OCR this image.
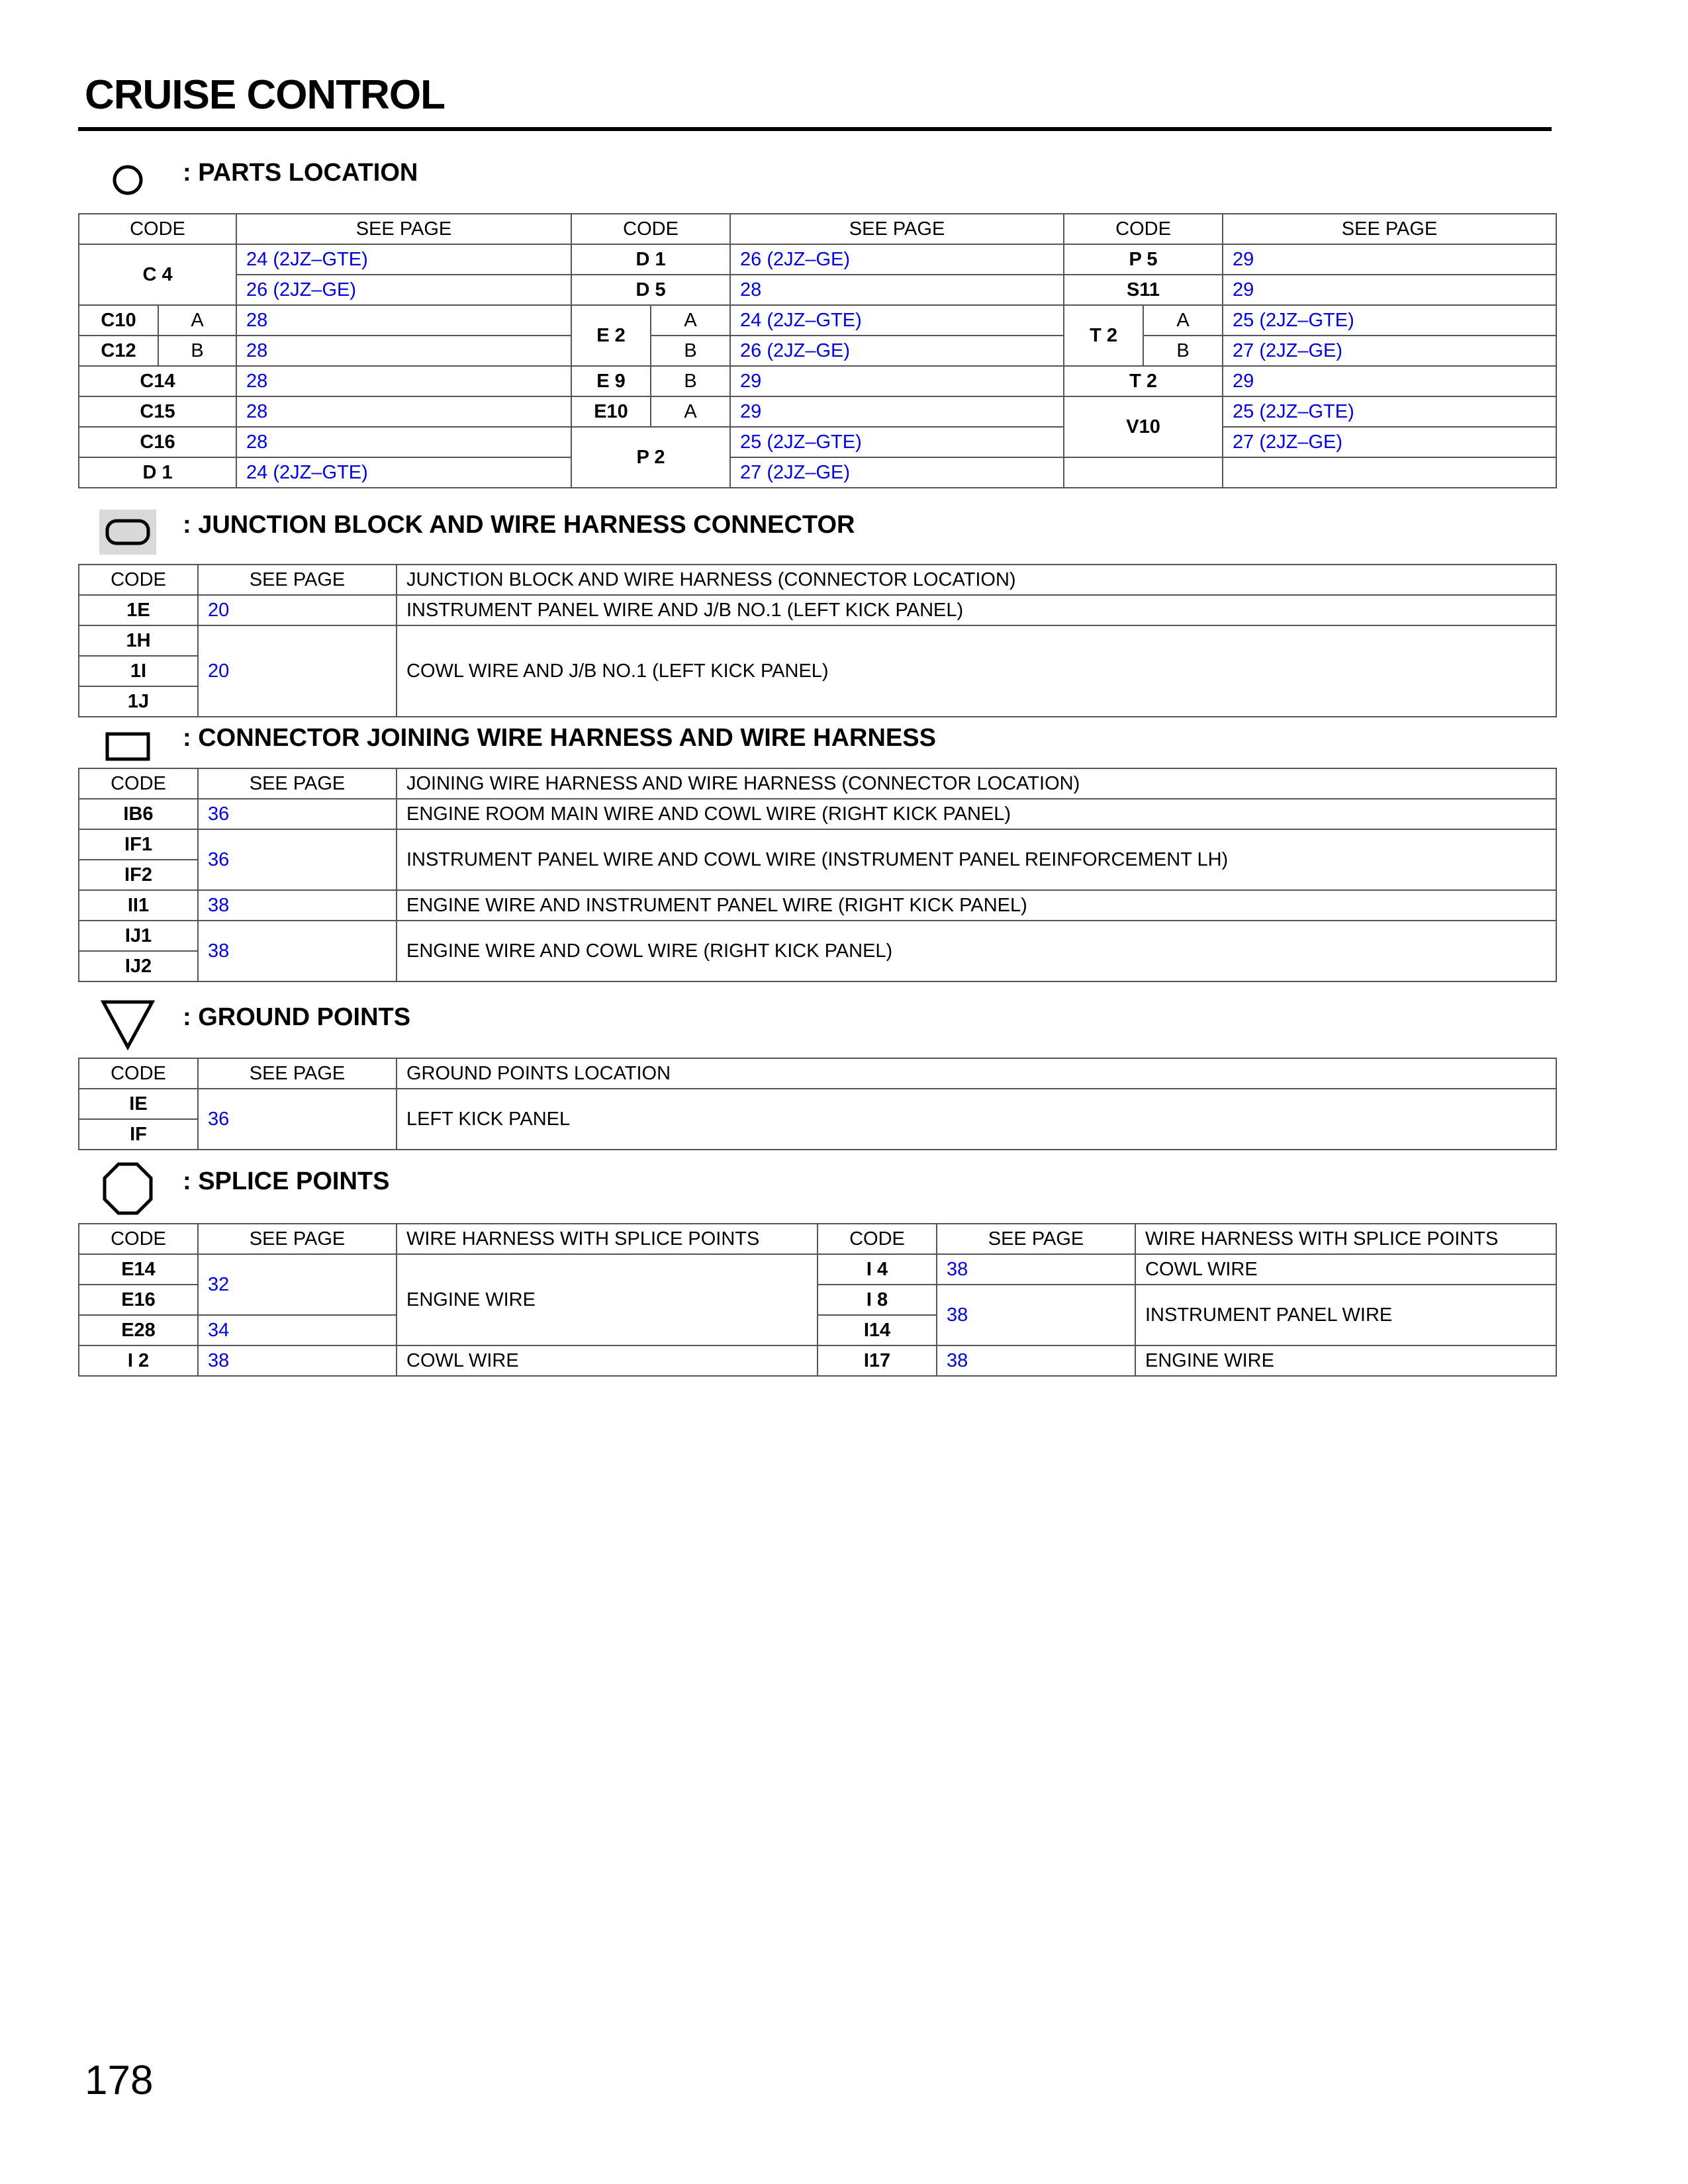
CRUISE CONTROL
: PARTS LOCATION
CODE		SEE PAGE	CODE		SEE PAGE	CODE		SEE PAGE
C 4		24 (2JZ–GTE)	D 1		26 (2JZ–GE)	P 5		29
		26 (2JZ–GE)	D 5		28	S11		29
C10	A	28	E 2	A	24 (2JZ–GTE)	T 2	A	25 (2JZ–GTE)
C12	B	28		B	26 (2JZ–GE)		B	27 (2JZ–GE)
C14		28	E 9	B	29	T 2		29
C15		28	E10	A	29	V10		25 (2JZ–GTE)
C16		28	P 2		25 (2JZ–GTE)			27 (2JZ–GE)
D 1		24 (2JZ–GTE)			27 (2JZ–GE)			
: JUNCTION BLOCK AND WIRE HARNESS CONNECTOR
CODE	SEE PAGE	JUNCTION BLOCK AND WIRE HARNESS (CONNECTOR LOCATION)
1E	20	INSTRUMENT PANEL WIRE AND J/B NO.1 (LEFT KICK PANEL)
1H	20	COWL WIRE AND J/B NO.1 (LEFT KICK PANEL)
1I		
1J		
: CONNECTOR JOINING WIRE HARNESS AND WIRE HARNESS
CODE	SEE PAGE	JOINING WIRE HARNESS AND WIRE HARNESS (CONNECTOR LOCATION)
IB6	36	ENGINE ROOM MAIN WIRE AND COWL WIRE (RIGHT KICK PANEL)
IF1	36	INSTRUMENT PANEL WIRE AND COWL WIRE (INSTRUMENT PANEL REINFORCEMENT LH)
IF2		
II1	38	ENGINE WIRE AND INSTRUMENT PANEL WIRE (RIGHT KICK PANEL)
IJ1	38	ENGINE WIRE AND COWL WIRE (RIGHT KICK PANEL)
IJ2		
: GROUND POINTS
CODE	SEE PAGE	GROUND POINTS LOCATION
IE	36	LEFT KICK PANEL
IF		
: SPLICE POINTS
CODE	SEE PAGE	WIRE HARNESS WITH SPLICE POINTS	CODE	SEE PAGE	WIRE HARNESS WITH SPLICE POINTS
E14	32	ENGINE WIRE	I 4	38	COWL WIRE
E16			I 8	38	INSTRUMENT PANEL WIRE
E28	34		I14		
I 2	38	COWL WIRE	I17	38	ENGINE WIRE
178
